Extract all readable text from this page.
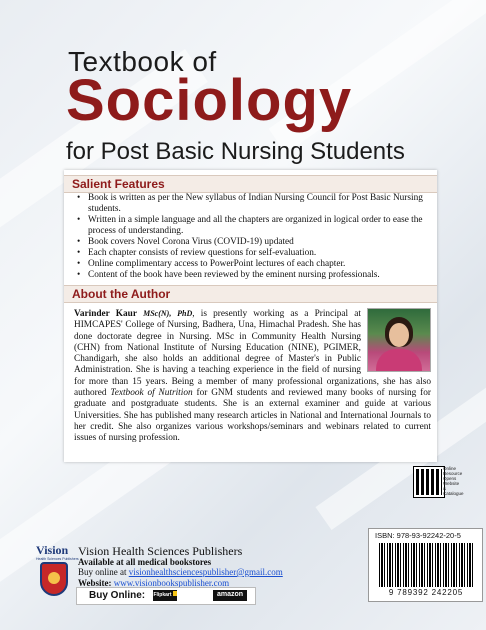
Textbook of
Sociology
for Post Basic Nursing Students
Salient Features
• Book is written as per the New syllabus of Indian Nursing Council for Post Basic Nursing students.
• Written in a simple language and all the chapters are organized in logical order to ease the process of understanding.
• Book covers Novel Corona Virus (COVID-19) updated
• Each chapter consists of review questions for self-evaluation.
• Online complimentary access to PowerPoint lectures of each chapter.
• Content of the book have been reviewed by the eminent nursing professionals.
About the Author
Varinder Kaur MSc(N), PhD, is presently working as a Principal at HIMCAPES' College of Nursing, Badhera, Una, Himachal Pradesh. She has done doctorate degree in Nursing. MSc in Community Health Nursing (CHN) from National Institute of Nursing Education (NINE), PGIMER, Chandigarh, she also holds an additional degree of Master's in Public Administration. She is having a teaching experience in the field of nursing for more than 15 years. Being a member of many professional organizations, she has also authored Textbook of Nutrition for GNM students and reviewed many books of nursing for graduate and postgraduate students. She is an external examiner and guide at various Universities. She has published many research articles in National and International Journals to her credit. She also organizes various workshops/seminars and webinars related to current issues of nursing profession.
Online Resource Opens Website & Catalogue
Vision
Health Sciences Publishers
Vision Health Sciences Publishers
Available at all medical bookstores
Buy online at visionhealthsciencespublisher@gmail.com
Website: www.visionbookspublisher.com
Buy Online: Flipkart	amazon
ISBN: 978-93-92242-20-5
9 789392 242205
